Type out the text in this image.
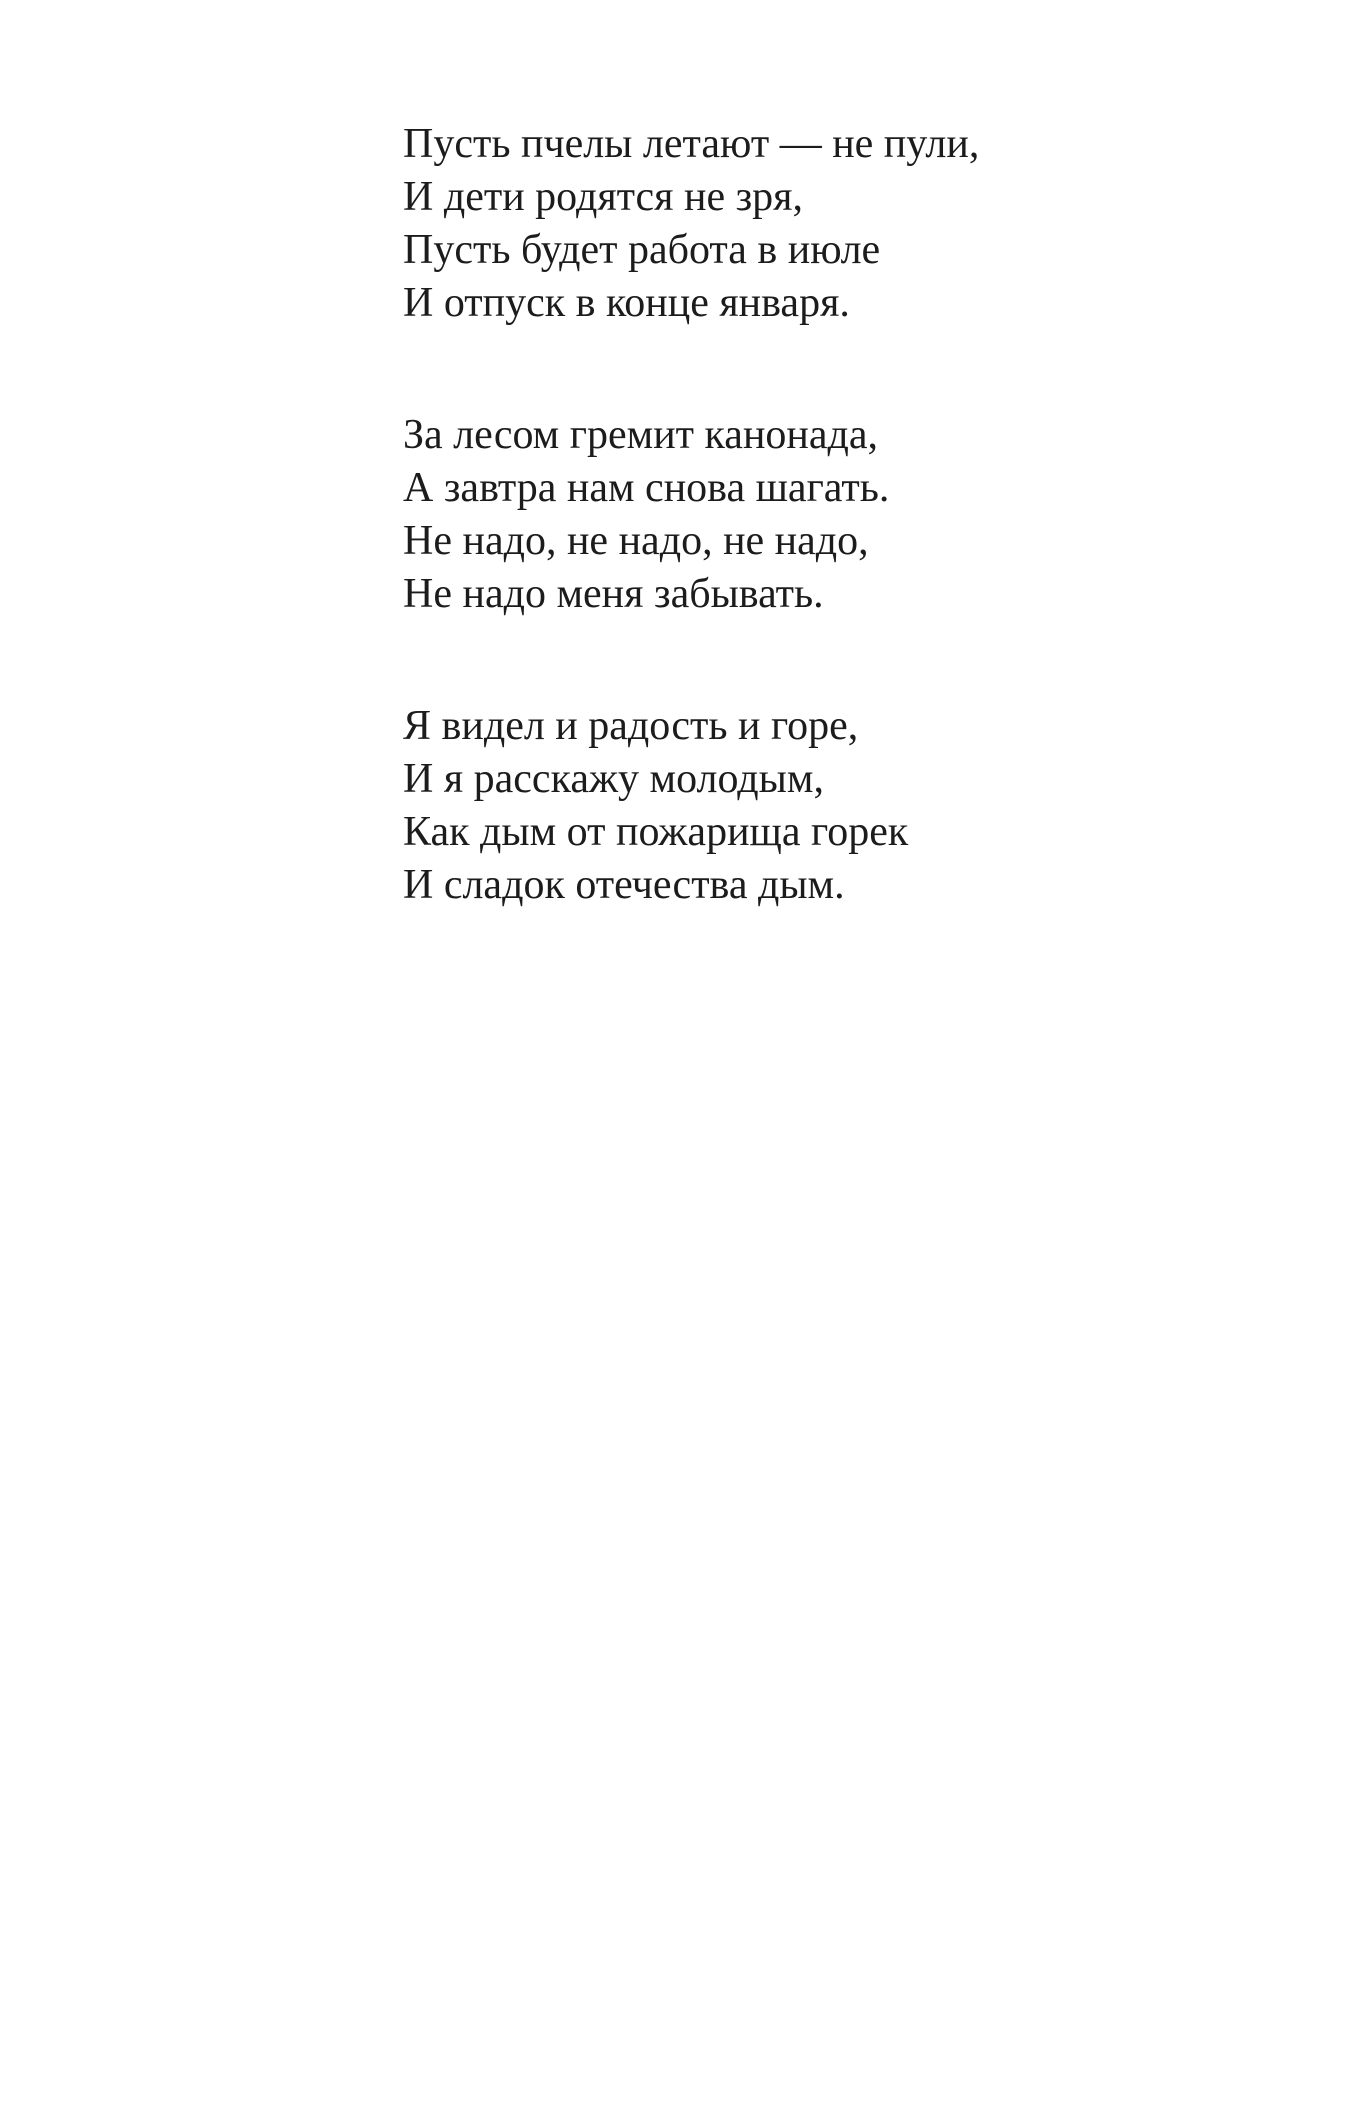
Пусть пчелы летают — не пули,
И дети родятся не зря,
Пусть будет работа в июле
И отпуск в конце января.
За лесом гремит канонада,
А завтра нам снова шагать.
Не надо, не надо, не надо,
Не надо меня забывать.
Я видел и радость и горе,
И я расскажу молодым,
Как дым от пожарища горек
И сладок отечества дым.
